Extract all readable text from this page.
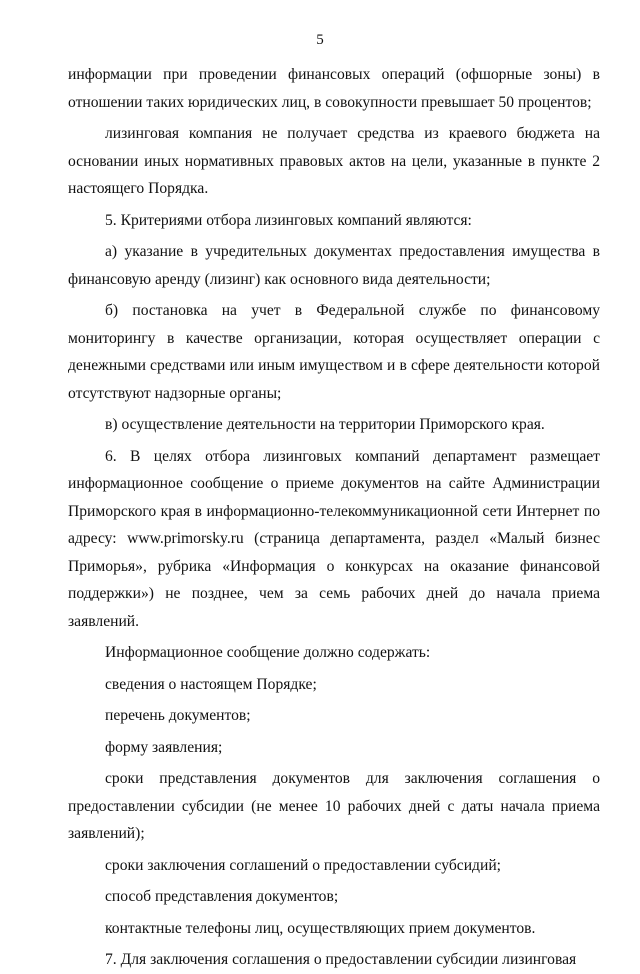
5

информации при проведении финансовых операций (офшорные зоны) в отношении таких юридических лиц, в совокупности превышает 50 процентов;

лизинговая компания не получает средства из краевого бюджета на основании иных нормативных правовых актов на цели, указанные в пункте 2 настоящего Порядка.

5. Критериями отбора лизинговых компаний являются:

а) указание в учредительных документах предоставления имущества в финансовую аренду (лизинг) как основного вида деятельности;

б) постановка на учет в Федеральной службе по финансовому мониторингу в качестве организации, которая осуществляет операции с денежными средствами или иным имуществом и в сфере деятельности которой отсутствуют надзорные органы;

в) осуществление деятельности на территории Приморского края.

6. В целях отбора лизинговых компаний департамент размещает информационное сообщение о приеме документов на сайте Администрации Приморского края в информационно-телекоммуникационной сети Интернет по адресу: www.primorsky.ru (страница департамента, раздел «Малый бизнес Приморья», рубрика «Информация о конкурсах на оказание финансовой поддержки») не позднее, чем за семь рабочих дней до начала приема заявлений.

Информационное сообщение должно содержать:

сведения о настоящем Порядке;

перечень документов;

форму заявления;

сроки представления документов для заключения соглашения о предоставлении субсидии (не менее 10 рабочих дней с даты начала приема заявлений);

сроки заключения соглашений о предоставлении субсидий;

способ представления документов;

контактные телефоны лиц, осуществляющих прием документов.

7. Для заключения соглашения о предоставлении субсидии лизинговая
